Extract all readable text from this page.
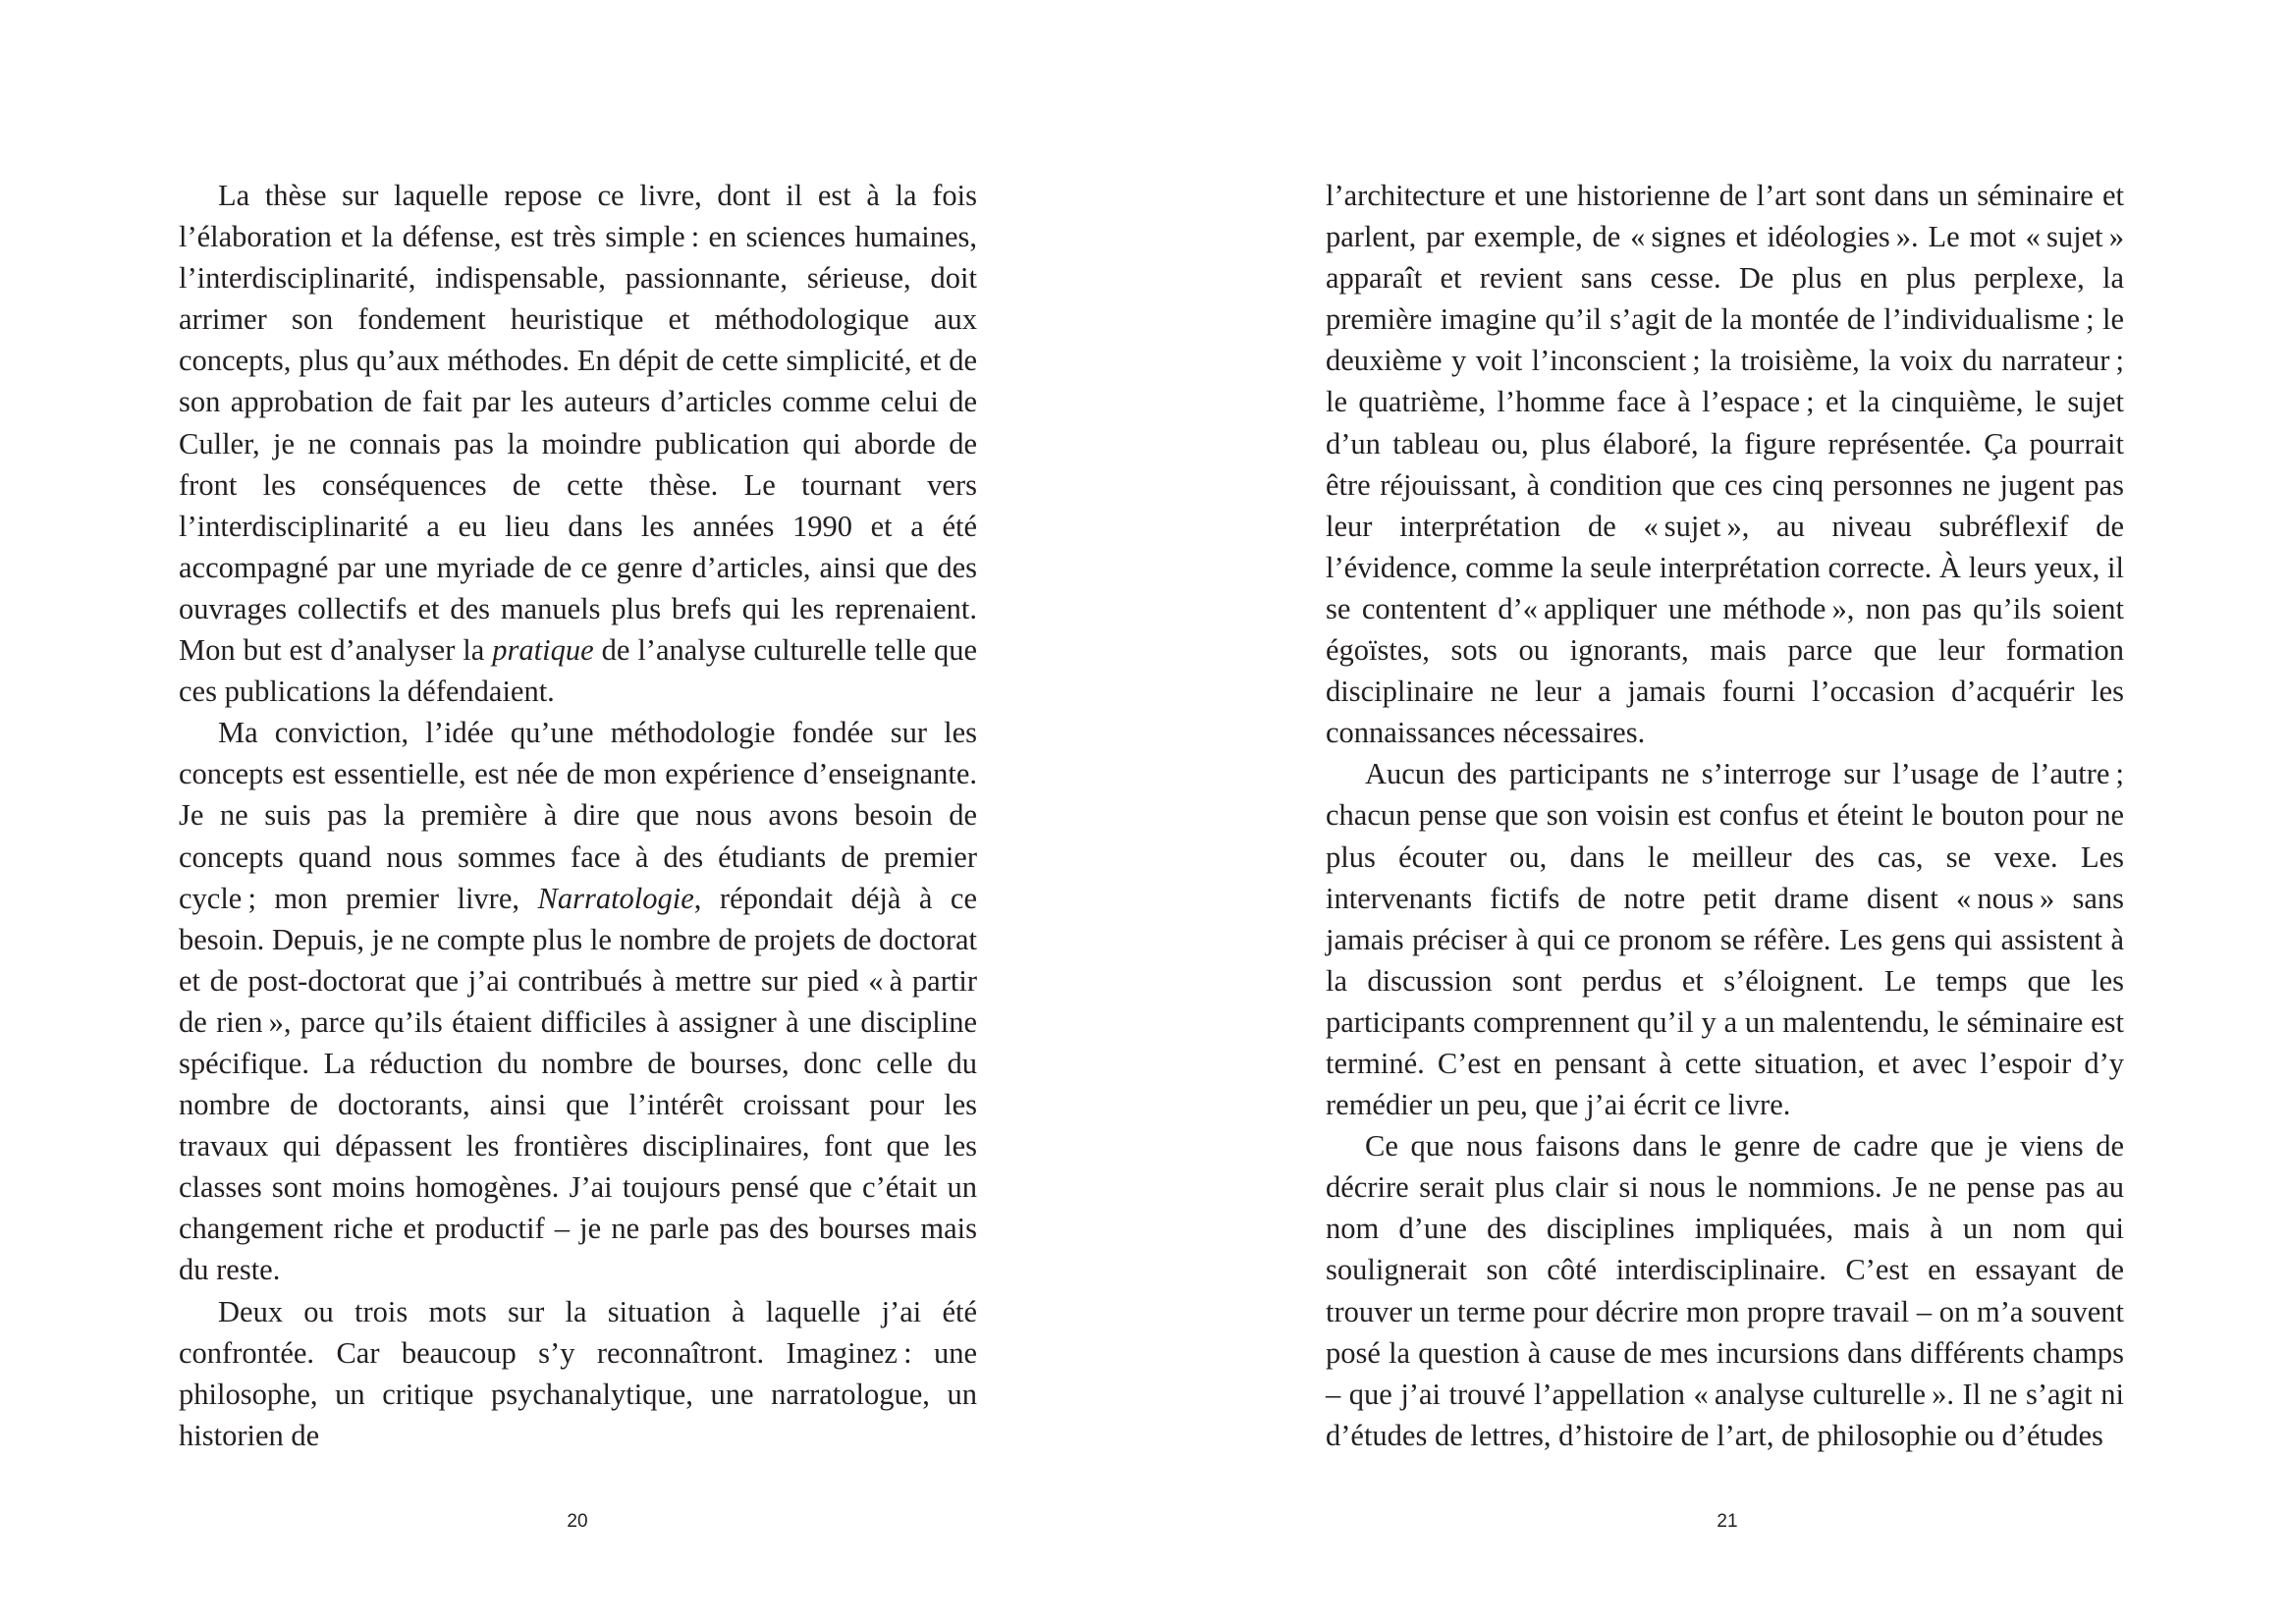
La thèse sur laquelle repose ce livre, dont il est à la fois l’élaboration et la défense, est très simple : en sciences humaines, l’interdisciplinarité, indispensable, passionnante, sérieuse, doit arrimer son fondement heuristique et méthodologique aux concepts, plus qu’aux méthodes. En dépit de cette simplicité, et de son approbation de fait par les auteurs d’articles comme celui de Culler, je ne connais pas la moindre publication qui aborde de front les conséquences de cette thèse. Le tournant vers l’interdisciplinarité a eu lieu dans les années 1990 et a été accompagné par une myriade de ce genre d’articles, ainsi que des ouvrages collectifs et des manuels plus brefs qui les reprenaient. Mon but est d’analyser la pratique de l’analyse culturelle telle que ces publications la défendaient.

Ma conviction, l’idée qu’une méthodologie fondée sur les concepts est essentielle, est née de mon expérience d’enseignante. Je ne suis pas la première à dire que nous avons besoin de concepts quand nous sommes face à des étudiants de premier cycle ; mon premier livre, Narratologie, répondait déjà à ce besoin. Depuis, je ne compte plus le nombre de projets de doctorat et de post-doctorat que j’ai contribués à mettre sur pied « à partir de rien », parce qu’ils étaient difficiles à assigner à une discipline spécifique. La réduction du nombre de bourses, donc celle du nombre de doctorants, ainsi que l’intérêt croissant pour les travaux qui dépassent les frontières disciplinaires, font que les classes sont moins homogènes. J’ai toujours pensé que c’était un changement riche et productif – je ne parle pas des bourses mais du reste.

Deux ou trois mots sur la situation à laquelle j’ai été confrontée. Car beaucoup s’y reconnaîtront. Imaginez : une philosophe, un critique psychanalytique, une narratologue, un historien de

20

l’architecture et une historienne de l’art sont dans un séminaire et parlent, par exemple, de « signes et idéologies ». Le mot « sujet » apparaît et revient sans cesse. De plus en plus perplexe, la première imagine qu’il s’agit de la montée de l’individualisme ; le deuxième y voit l’inconscient ; la troisième, la voix du narrateur ; le quatrième, l’homme face à l’espace ; et la cinquième, le sujet d’un tableau ou, plus élaboré, la figure représentée. Ça pourrait être réjouissant, à condition que ces cinq personnes ne jugent pas leur interprétation de « sujet », au niveau subréflexif de l’évidence, comme la seule interprétation correcte. À leurs yeux, il se contentent d’« appliquer une méthode », non pas qu’ils soient égoïstes, sots ou ignorants, mais parce que leur formation disciplinaire ne leur a jamais fourni l’occasion d’acquérir les connaissances nécessaires.

Aucun des participants ne s’interroge sur l’usage de l’autre ; chacun pense que son voisin est confus et éteint le bouton pour ne plus écouter ou, dans le meilleur des cas, se vexe. Les intervenants fictifs de notre petit drame disent « nous » sans jamais préciser à qui ce pronom se réfère. Les gens qui assistent à la discussion sont perdus et s’éloignent. Le temps que les participants comprennent qu’il y a un malentendu, le séminaire est terminé. C’est en pensant à cette situation, et avec l’espoir d’y remédier un peu, que j’ai écrit ce livre.

Ce que nous faisons dans le genre de cadre que je viens de décrire serait plus clair si nous le nommions. Je ne pense pas au nom d’une des disciplines impliquées, mais à un nom qui soulignerait son côté interdisciplinaire. C’est en essayant de trouver un terme pour décrire mon propre travail – on m’a souvent posé la question à cause de mes incursions dans différents champs – que j’ai trouvé l’appellation « analyse culturelle ». Il ne s’agit ni d’études de lettres, d’histoire de l’art, de philosophie ou d’études

21
